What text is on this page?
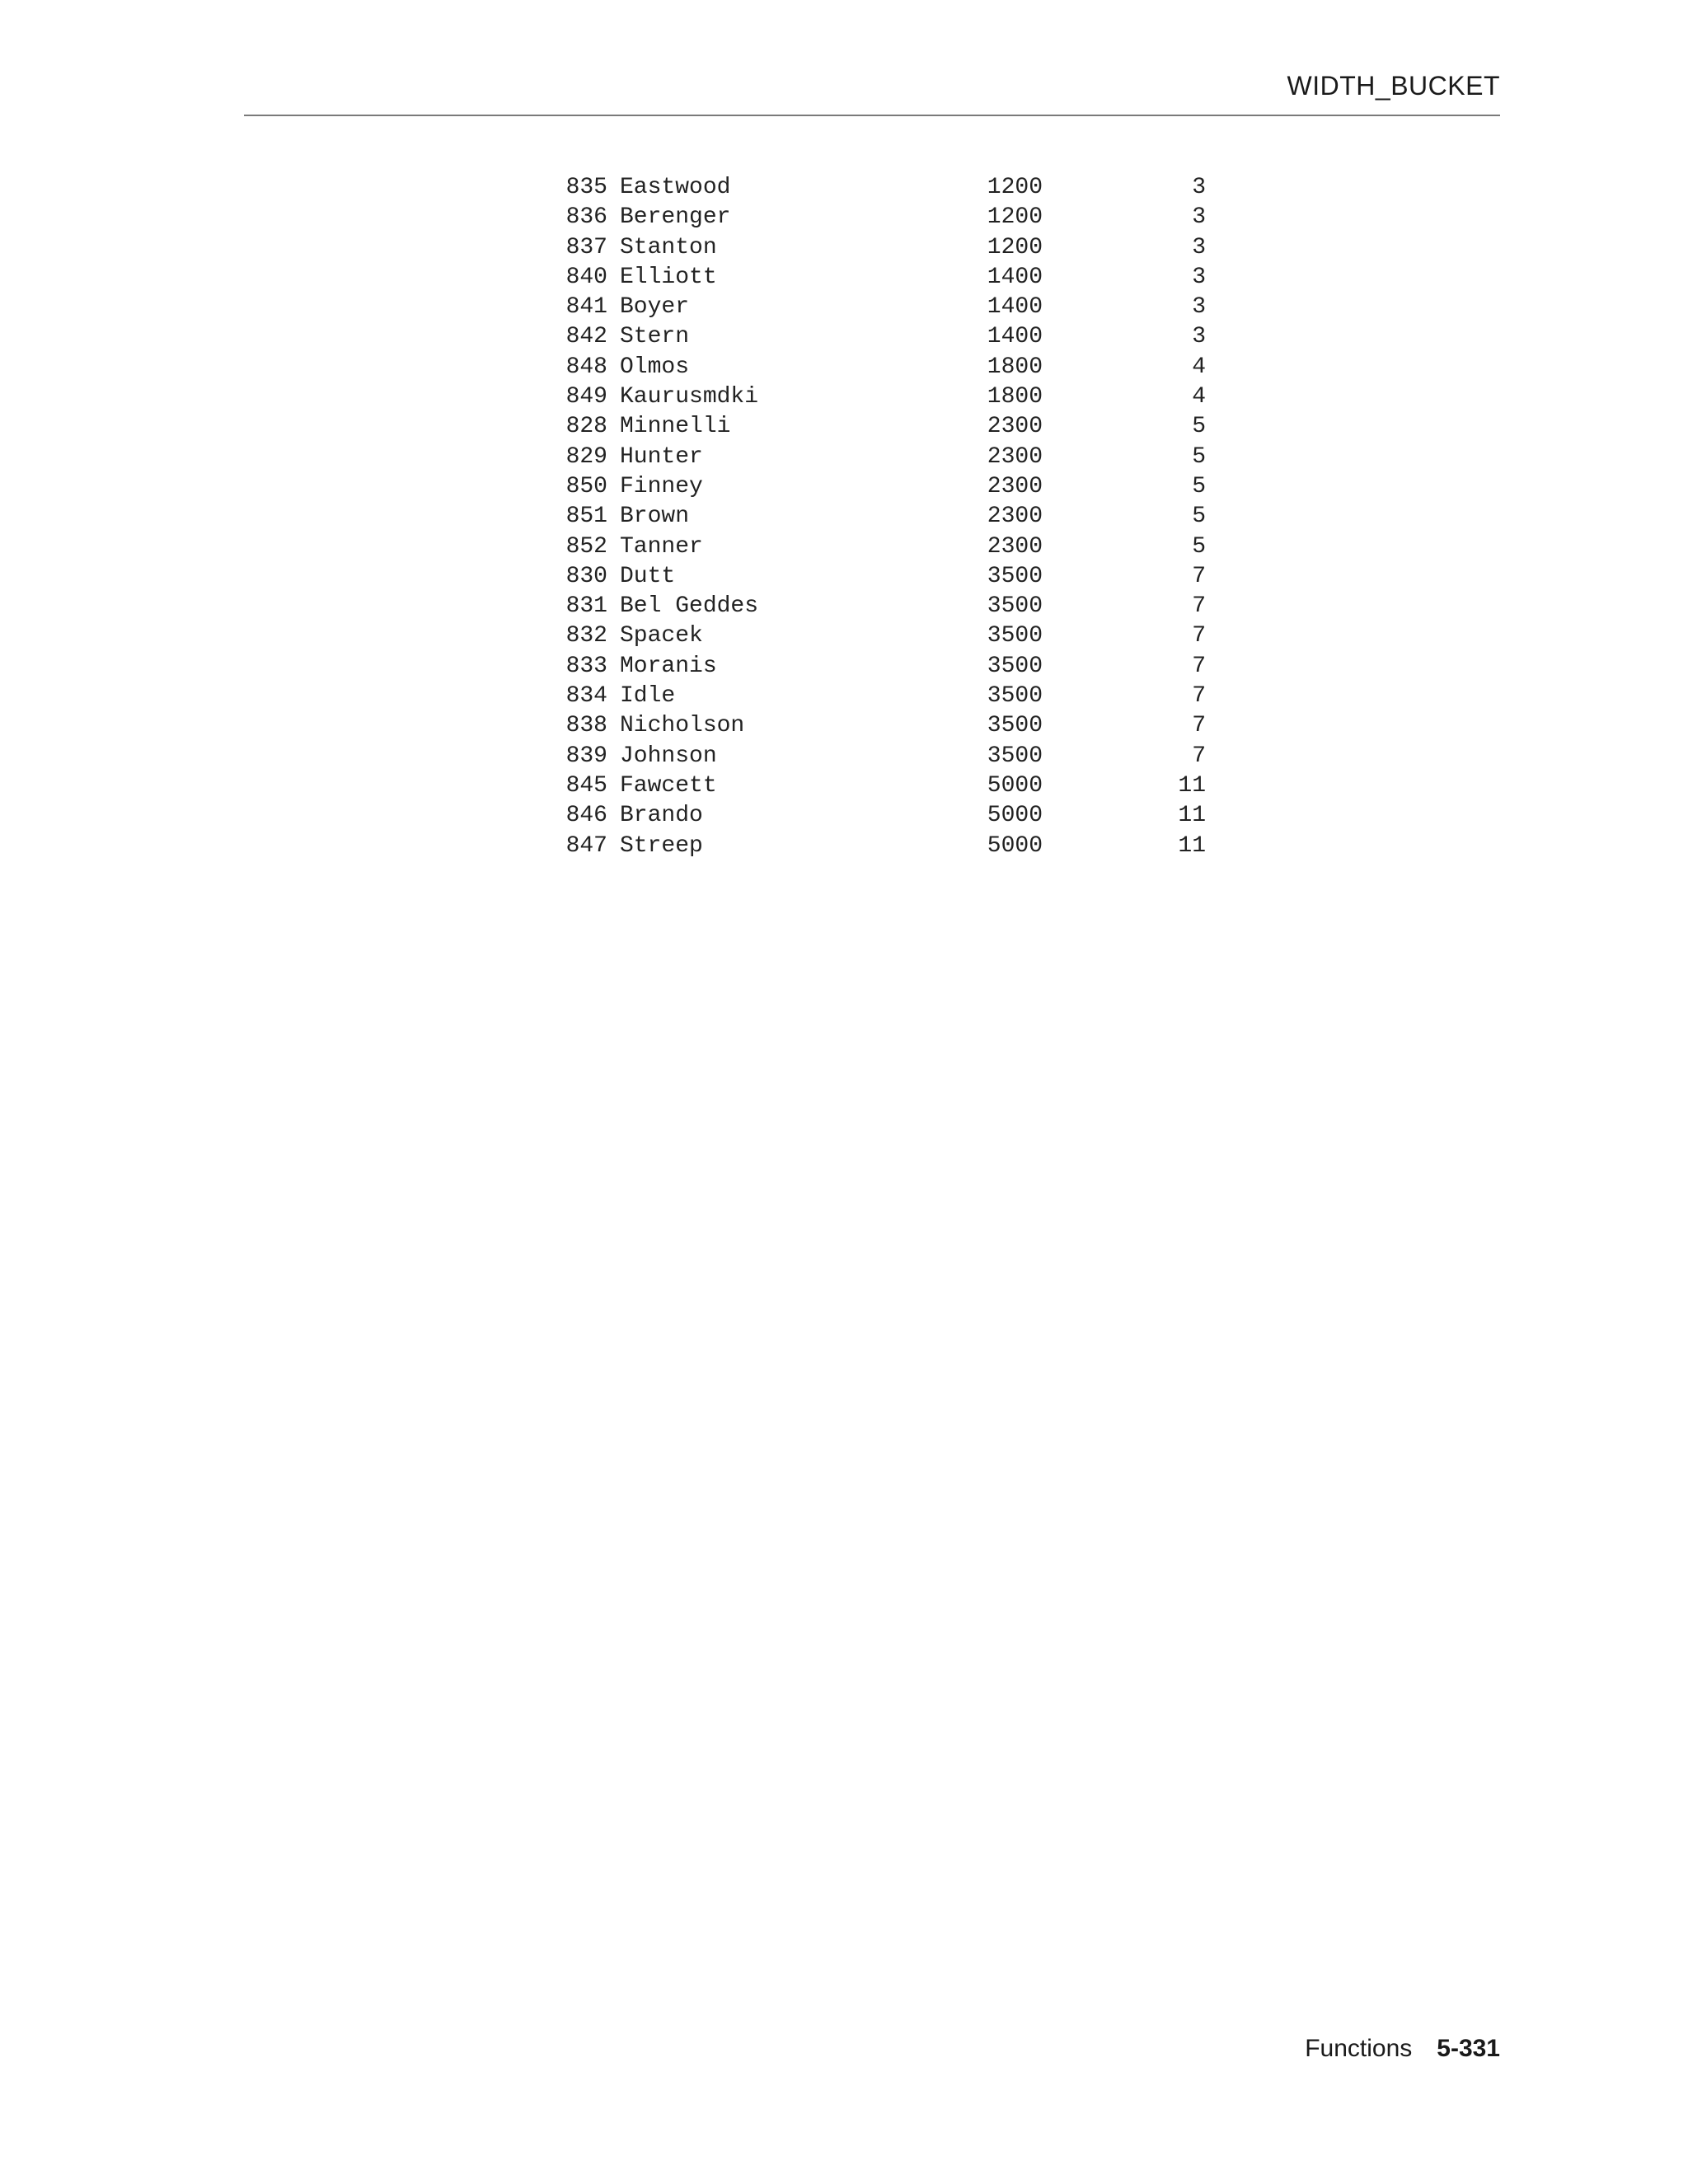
WIDTH_BUCKET
835 Eastwood	1200	3
836 Berenger	1200	3
837 Stanton	1200	3
840 Elliott	1400	3
841 Boyer	1400	3
842 Stern	1400	3
848 Olmos	1800	4
849 Kaurusmdki	1800	4
828 Minnelli	2300	5
829 Hunter	2300	5
850 Finney	2300	5
851 Brown	2300	5
852 Tanner	2300	5
830 Dutt	3500	7
831 Bel Geddes	3500	7
832 Spacek	3500	7
833 Moranis	3500	7
834 Idle	3500	7
838 Nicholson	3500	7
839 Johnson	3500	7
845 Fawcett	5000	11
846 Brando	5000	11
847 Streep	5000	11
Functions 5-331
